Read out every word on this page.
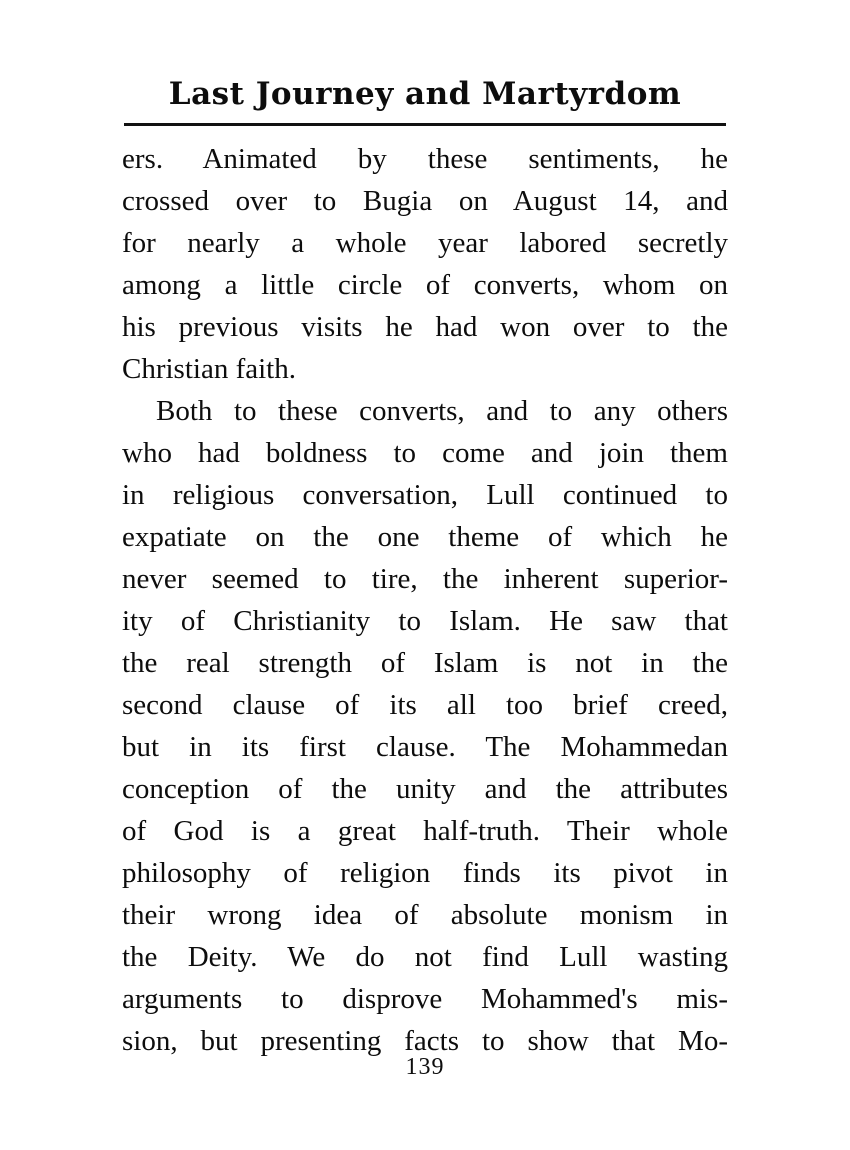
Last Journey and Martyrdom
ers. Animated by these sentiments, he
crossed over to Bugia on August 14, and
for nearly a whole year labored secretly
among a little circle of converts, whom on
his previous visits he had won over to the
Christian faith.
Both to these converts, and to any others
who had boldness to come and join them
in religious conversation, Lull continued to
expatiate on the one theme of which he
never seemed to tire, the inherent superior-
ity of Christianity to Islam. He saw that
the real strength of Islam is not in the
second clause of its all too brief creed,
but in its first clause. The Mohammedan
conception of the unity and the attributes
of God is a great half-truth. Their whole
philosophy of religion finds its pivot in
their wrong idea of absolute monism in
the Deity. We do not find Lull wasting
arguments to disprove Mohammed's mis-
sion, but presenting facts to show that Mo-
139
